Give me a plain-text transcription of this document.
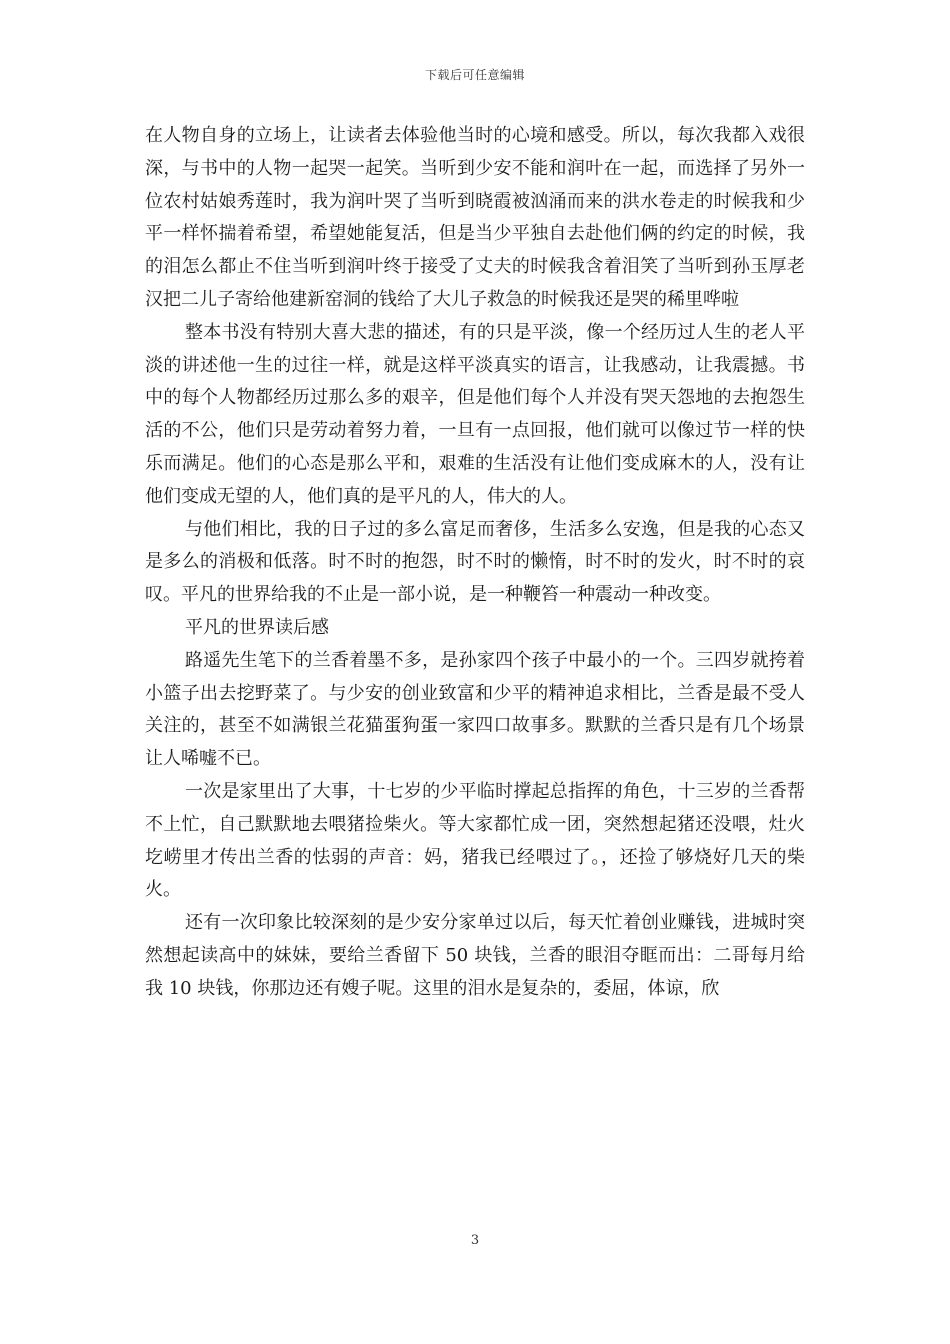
下载后可任意编辑

在人物自身的立场上，让读者去体验他当时的心境和感受。所以，每次我都入戏很深，与书中的人物一起哭一起笑。当听到少安不能和润叶在一起，而选择了另外一位农村姑娘秀莲时，我为润叶哭了当听到晓霞被汹涌而来的洪水卷走的时候我和少平一样怀揣着希望，希望她能复活，但是当少平独自去赴他们俩的约定的时候，我的泪怎么都止不住当听到润叶终于接受了丈夫的时候我含着泪笑了当听到孙玉厚老汉把二儿子寄给他建新窑洞的钱给了大儿子救急的时候我还是哭的稀里哗啦

整本书没有特别大喜大悲的描述，有的只是平淡，像一个经历过人生的老人平淡的讲述他一生的过往一样，就是这样平淡真实的语言，让我感动，让我震撼。书中的每个人物都经历过那么多的艰辛，但是他们每个人并没有哭天怨地的去抱怨生活的不公，他们只是劳动着努力着，一旦有一点回报，他们就可以像过节一样的快乐而满足。他们的心态是那么平和，艰难的生活没有让他们变成麻木的人，没有让他们变成无望的人，他们真的是平凡的人，伟大的人。

与他们相比，我的日子过的多么富足而奢侈，生活多么安逸，但是我的心态又是多么的消极和低落。时不时的抱怨，时不时的懒惰，时不时的发火，时不时的哀叹。平凡的世界给我的不止是一部小说，是一种鞭笞一种震动一种改变。

平凡的世界读后感

路遥先生笔下的兰香着墨不多，是孙家四个孩子中最小的一个。三四岁就挎着小篮子出去挖野菜了。与少安的创业致富和少平的精神追求相比，兰香是最不受人关注的，甚至不如满银兰花猫蛋狗蛋一家四口故事多。默默的兰香只是有几个场景让人唏嘘不已。

一次是家里出了大事，十七岁的少平临时撑起总指挥的角色，十三岁的兰香帮不上忙，自己默默地去喂猪捡柴火。等大家都忙成一团，突然想起猪还没喂，灶火圪崂里才传出兰香的怯弱的声音：妈，猪我已经喂过了。，还捡了够烧好几天的柴火。

还有一次印象比较深刻的是少安分家单过以后，每天忙着创业赚钱，进城时突然想起读高中的妹妹，要给兰香留下 50 块钱，兰香的眼泪夺眶而出：二哥每月给我 10 块钱，你那边还有嫂子呢。这里的泪水是复杂的，委屈，体谅，欣

3
